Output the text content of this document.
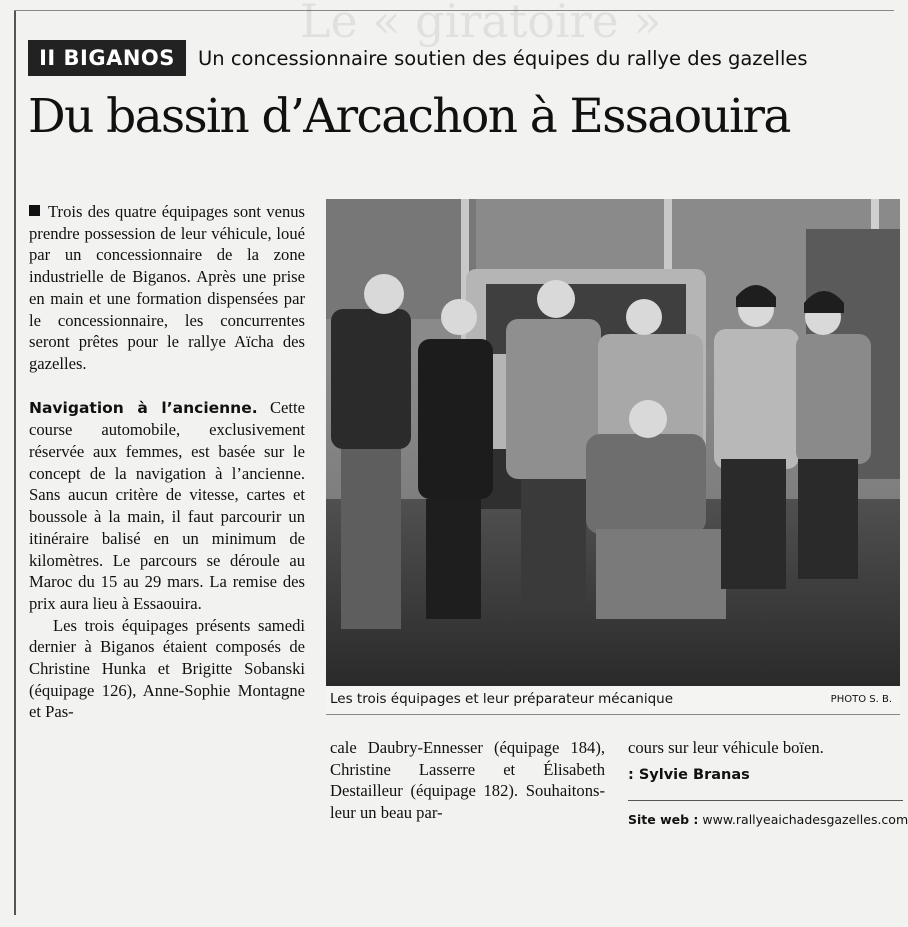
Le « giratoire »
II BIGANOS	Un concessionnaire soutien des équipes du rallye des gazelles
Du bassin d’Arcachon à Essaouira

Trois des quatre équipages sont venus prendre possession de leur véhicule, loué par un concessionnaire de la zone industrielle de Biganos. Après une prise en main et une formation dispensées par le concessionnaire, les concurrentes seront prêtes pour le rallye Aïcha des gazelles.

Navigation à l’ancienne. Cette course automobile, exclusivement réservée aux femmes, est basée sur le concept de la navigation à l’ancienne. Sans aucun critère de vitesse, cartes et boussole à la main, il faut parcourir un itinéraire balisé en un minimum de kilomètres. Le parcours se déroule au Maroc du 15 au 29 mars. La remise des prix aura lieu à Essaouira.

Les trois équipages présents samedi dernier à Biganos étaient composés de Christine Hunka et Brigitte Sobanski (équipage 126), Anne-Sophie Montagne et Pas-

Les trois équipages et leur préparateur mécanique	PHOTO S. B.

cale Daubry-Ennesser (équipage 184), Christine Lasserre et Élisabeth Destailleur (équipage 182). Souhaitons-leur un beau par-

cours sur leur véhicule boïen.

: Sylvie Branas

Site web : www.rallyeaichadesgazelles.com
